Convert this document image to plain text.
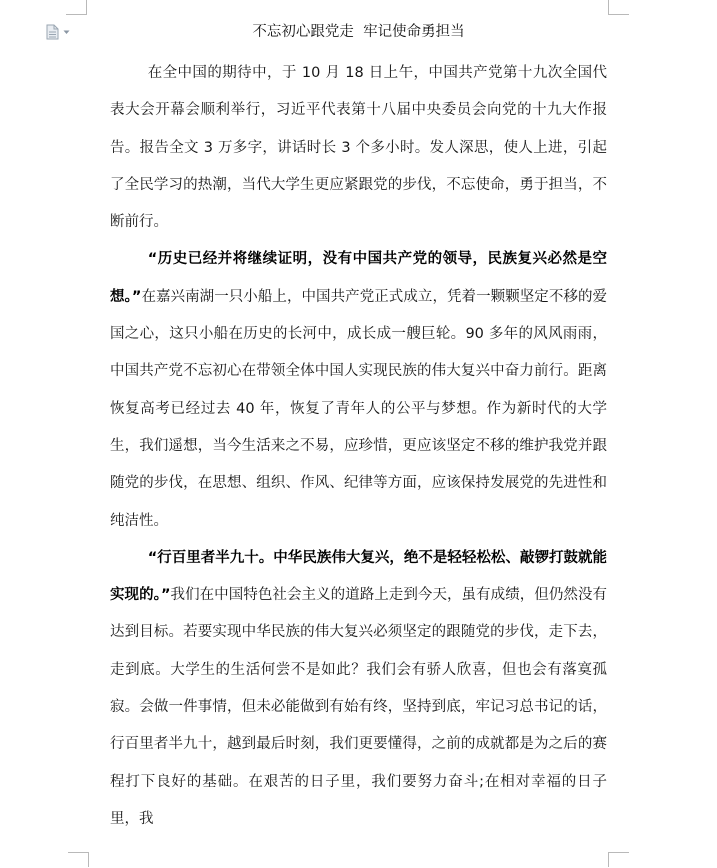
不忘初心跟党走  牢记使命勇担当

在全中国的期待中，于 10 月 18 日上午，中国共产党第十九次全国代表大会开幕会顺利举行，习近平代表第十八届中央委员会向党的十九大作报告。报告全文 3 万多字，讲话时长 3 个多小时。发人深思，使人上进，引起了全民学习的热潮，当代大学生更应紧跟党的步伐，不忘使命，勇于担当，不断前行。

“历史已经并将继续证明，没有中国共产党的领导，民族复兴必然是空想。”在嘉兴南湖一只小船上，中国共产党正式成立，凭着一颗颗坚定不移的爱国之心，这只小船在历史的长河中，成长成一艘巨轮。90 多年的风风雨雨，中国共产党不忘初心在带领全体中国人实现民族的伟大复兴中奋力前行。距离恢复高考已经过去 40 年，恢复了青年人的公平与梦想。作为新时代的大学生，我们遥想，当今生活来之不易，应珍惜，更应该坚定不移的维护我党并跟随党的步伐，在思想、组织、作风、纪律等方面，应该保持发展党的先进性和纯洁性。

“行百里者半九十。中华民族伟大复兴，绝不是轻轻松松、敲锣打鼓就能实现的。”我们在中国特色社会主义的道路上走到今天，虽有成绩，但仍然没有达到目标。若要实现中华民族的伟大复兴必须坚定的跟随党的步伐，走下去，走到底。大学生的生活何尝不是如此？我们会有骄人欣喜，但也会有落寞孤寂。会做一件事情，但未必能做到有始有终，坚持到底，牢记习总书记的话，行百里者半九十，越到最后时刻，我们更要懂得，之前的成就都是为之后的赛程打下良好的基础。在艰苦的日子里，我们要努力奋斗;在相对幸福的日子里，我
